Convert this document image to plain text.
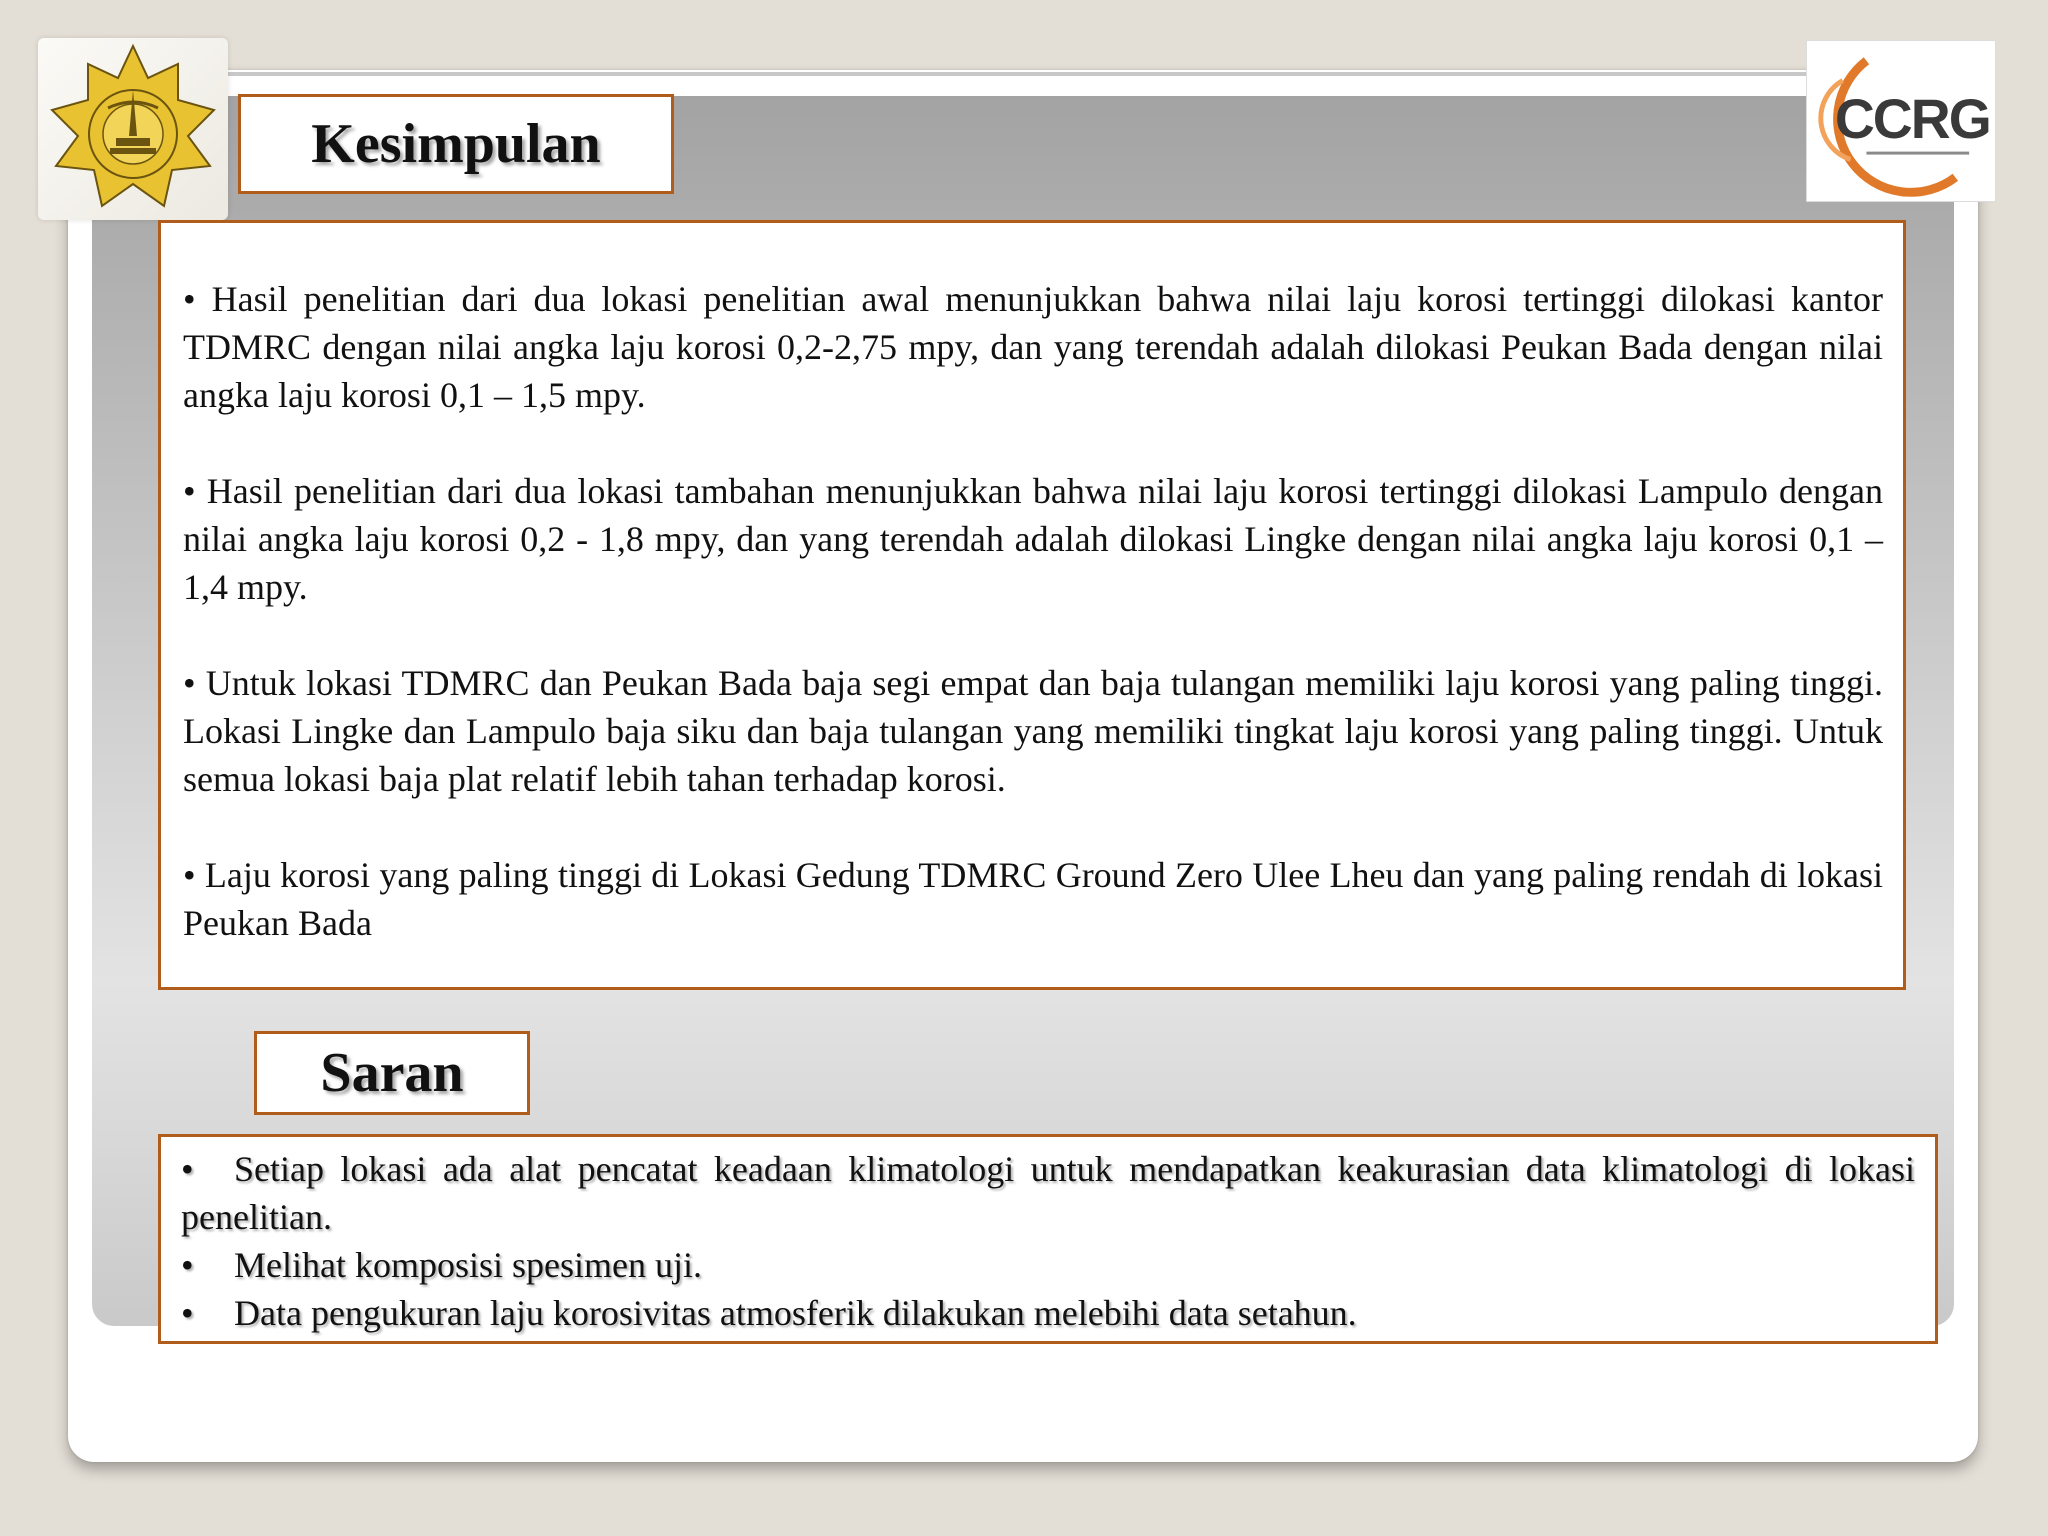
CCRG
Kesimpulan

• Hasil penelitian dari dua lokasi penelitian awal menunjukkan bahwa nilai laju korosi tertinggi dilokasi kantor TDMRC dengan nilai angka laju korosi 0,2-2,75 mpy, dan yang terendah adalah dilokasi Peukan Bada dengan nilai angka laju korosi 0,1 – 1,5 mpy.

• Hasil penelitian dari dua lokasi tambahan menunjukkan bahwa nilai laju korosi tertinggi dilokasi Lampulo dengan nilai angka laju korosi 0,2 - 1,8 mpy, dan yang terendah adalah dilokasi Lingke dengan nilai angka laju korosi 0,1 – 1,4 mpy.

• Untuk lokasi TDMRC dan Peukan Bada baja segi empat dan baja tulangan memiliki laju korosi yang paling tinggi. Lokasi Lingke dan Lampulo baja siku dan baja tulangan yang memiliki tingkat laju korosi yang paling tinggi. Untuk semua lokasi baja plat relatif lebih tahan terhadap korosi.

• Laju korosi yang paling tinggi di Lokasi Gedung TDMRC Ground Zero Ulee Lheu dan yang paling rendah di lokasi Peukan Bada

Saran

• Setiap lokasi ada alat pencatat keadaan klimatologi untuk mendapatkan keakurasian data klimatologi di lokasi penelitian.

• Melihat komposisi spesimen uji.

• Data pengukuran laju korosivitas atmosferik dilakukan melebihi data setahun.
